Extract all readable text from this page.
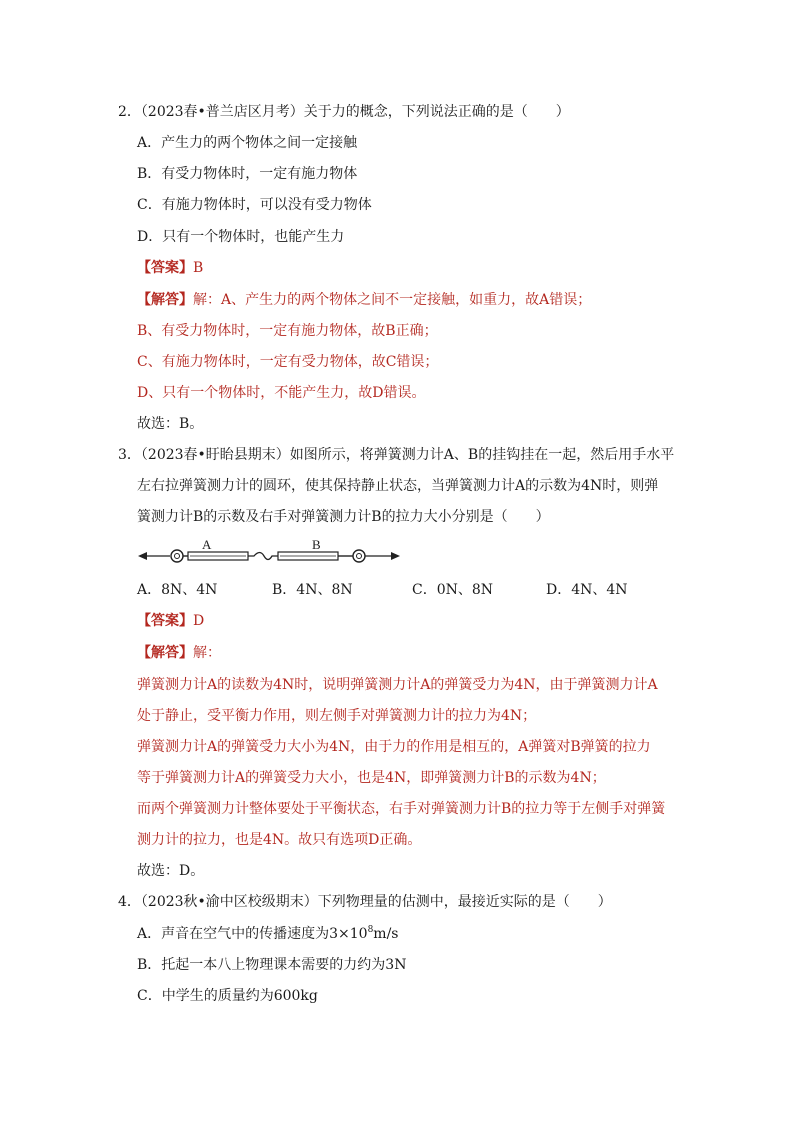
2．（2023春•普兰店区月考）关于力的概念，下列说法正确的是（　　）
A．产生力的两个物体之间一定接触
B．有受力物体时，一定有施力物体
C．有施力物体时，可以没有受力物体
D．只有一个物体时，也能产生力
【答案】B
【解答】解：A、产生力的两个物体之间不一定接触，如重力，故A错误；
B、有受力物体时，一定有施力物体，故B正确；
C、有施力物体时，一定有受力物体，故C错误；
D、只有一个物体时，不能产生力，故D错误。
故选：B。
3．（2023春•盱眙县期末）如图所示，将弹簧测力计A、B的挂钩挂在一起，然后用手水平
左右拉弹簧测力计的圆环，使其保持静止状态，当弹簧测力计A的示数为4N时，则弹
簧测力计B的示数及右手对弹簧测力计B的拉力大小分别是（　　）
A	B
A．8N、4N	B．4N、8N	C．0N、8N	D．4N、4N
【答案】D
【解答】解：
弹簧测力计A的读数为4N时，说明弹簧测力计A的弹簧受力为4N，由于弹簧测力计A
处于静止，受平衡力作用，则左侧手对弹簧测力计的拉力为4N；
弹簧测力计A的弹簧受力大小为4N，由于力的作用是相互的，A弹簧对B弹簧的拉力
等于弹簧测力计A的弹簧受力大小，也是4N，即弹簧测力计B的示数为4N；
而两个弹簧测力计整体要处于平衡状态，右手对弹簧测力计B的拉力等于左侧手对弹簧
测力计的拉力，也是4N。故只有选项D正确。
故选：D。
4．（2023秋•渝中区校级期末）下列物理量的估测中，最接近实际的是（　　）
A．声音在空气中的传播速度为$3\times 10^8m/s$
B．托起一本八上物理课本需要的力约为3N
C．中学生的质量约为600kg
